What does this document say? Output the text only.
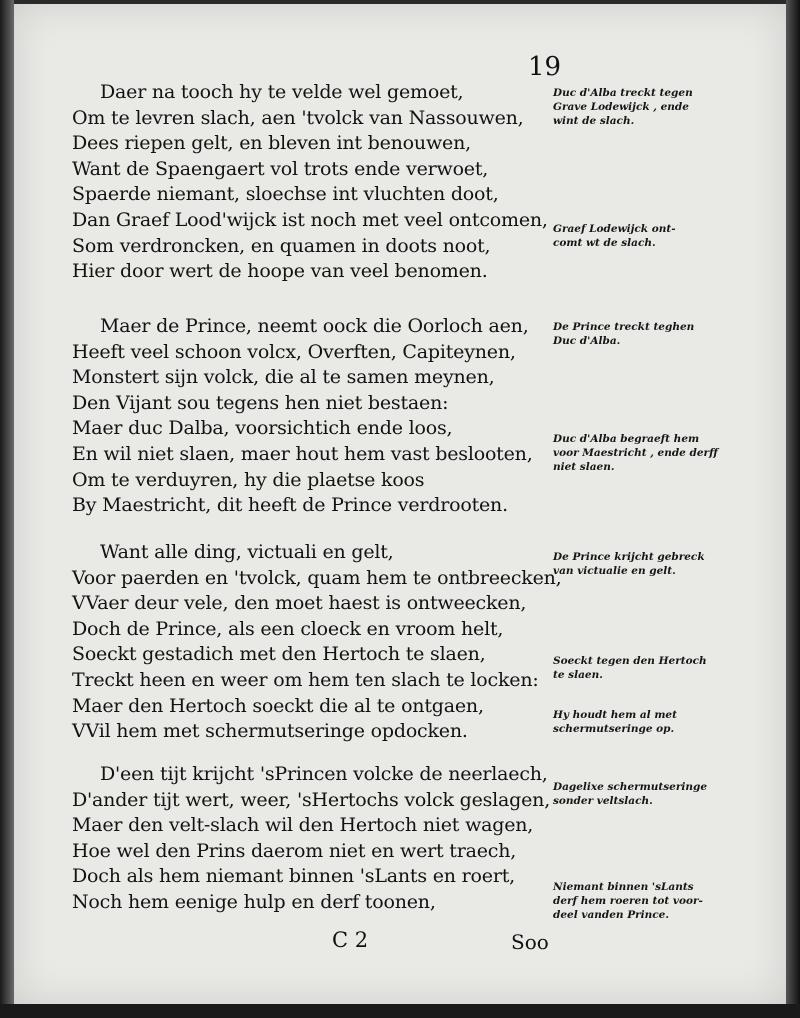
19
Daer na tooch hy te velde wel gemoet,
Om te levren slach, aen 'tvolck van Nassouwen,
Dees riepen gelt, en bleven int benouwen,
Want de Spaengaert vol trots ende verwoet,
Spaerde niemant, sloechse int vluchten doot,
Dan Graef Lood'wijck ist noch met veel ontcomen,
Som verdroncken, en quamen in doots noot,
Hier door wert de hoope van veel benomen.
Maer de Prince, neemt oock die Oorloch aen,
Heeft veel schoon volcx, Overften, Capiteynen,
Monstert sijn volck, die al te samen meynen,
Den Vijant sou tegens hen niet bestaen:
Maer duc Dalba, voorsichtich ende loos,
En wil niet slaen, maer hout hem vast beslooten,
Om te verduyren, hy die plaetse koos
By Maestricht, dit heeft de Prince verdrooten.
Want alle ding, victuali en gelt,
Voor paerden en 'tvolck, quam hem te ontbreecken,
VVaer deur vele, den moet haest is ontweecken,
Doch de Prince, als een cloeck en vroom helt,
Soeckt gestadich met den Hertoch te slaen,
Treckt heen en weer om hem ten slach te locken:
Maer den Hertoch soeckt die al te ontgaen,
VVil hem met schermutseringe opdocken.
D'een tijt krijcht 'sPrincen volcke de neerlaech,
D'ander tijt wert, weer, 'sHertochs volck geslagen,
Maer den velt-slach wil den Hertoch niet wagen,
Hoe wel den Prins daerom niet en wert traech,
Doch als hem niemant binnen 'sLants en roert,
Noch hem eenige hulp en derf toonen,
Duc d'Alba treckt tegen
Grave Lodewijck , ende
wint de slach.
Graef Lodewijck ont-
comt wt de slach.
De Prince treckt teghen
Duc d'Alba.
Duc d'Alba begraeft hem
voor Maestricht , ende derff
niet slaen.
De Prince krijcht gebreck
van victualie en gelt.
Soeckt tegen den Hertoch
te slaen.
Hy houdt hem al met
schermutseringe op.
Dagelixe schermutseringe
sonder veltslach.
Niemant binnen 'sLants
derf hem roeren tot voor-
deel vanden Prince.
C 2	Soo
